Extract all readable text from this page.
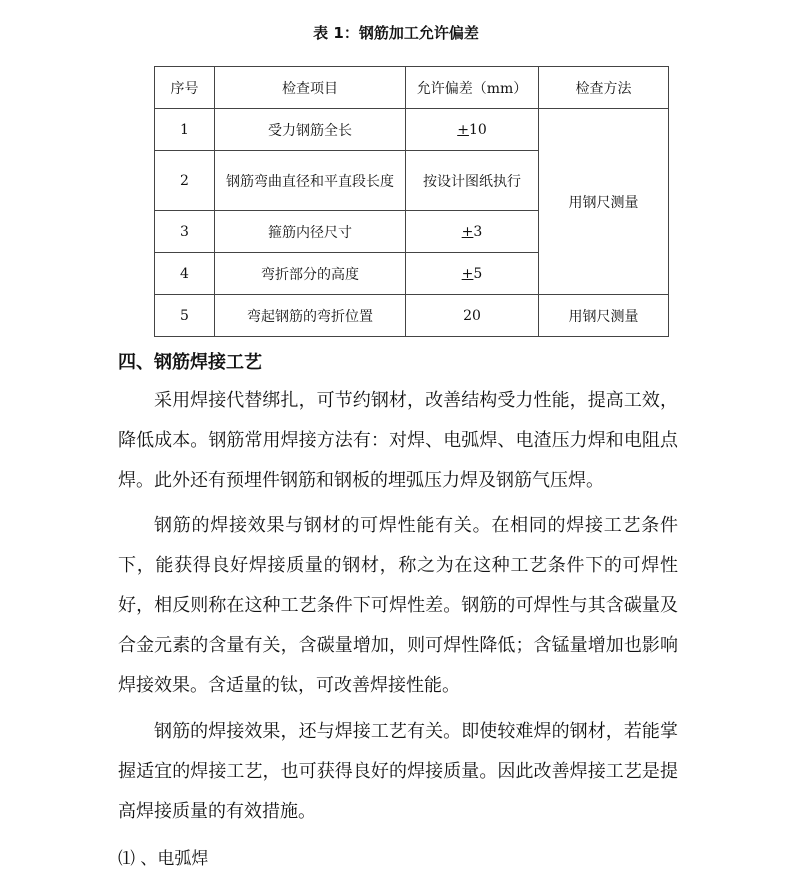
表 1：钢筋加工允许偏差
序号	检查项目	允许偏差（mm）	检查方法
1	受力钢筋全长	+10	用钢尺测量
2	钢筋弯曲直径和平直段长度	按设计图纸执行	
3	箍筋内径尺寸	+3	
4	弯折部分的高度	+5	
5	弯起钢筋的弯折位置	20	用钢尺测量
四、钢筋焊接工艺

采用焊接代替绑扎，可节约钢材，改善结构受力性能，提高工效，降低成本。钢筋常用焊接方法有：对焊、电弧焊、电渣压力焊和电阻点焊。此外还有预埋件钢筋和钢板的埋弧压力焊及钢筋气压焊。

钢筋的焊接效果与钢材的可焊性能有关。在相同的焊接工艺条件下，能获得良好焊接质量的钢材，称之为在这种工艺条件下的可焊性好，相反则称在这种工艺条件下可焊性差。钢筋的可焊性与其含碳量及合金元素的含量有关，含碳量增加，则可焊性降低；含锰量增加也影响焊接效果。含适量的钛，可改善焊接性能。

钢筋的焊接效果，还与焊接工艺有关。即使较难焊的钢材，若能掌握适宜的焊接工艺，也可获得良好的焊接质量。因此改善焊接工艺是提高焊接质量的有效措施。

⑴ 、电弧焊
